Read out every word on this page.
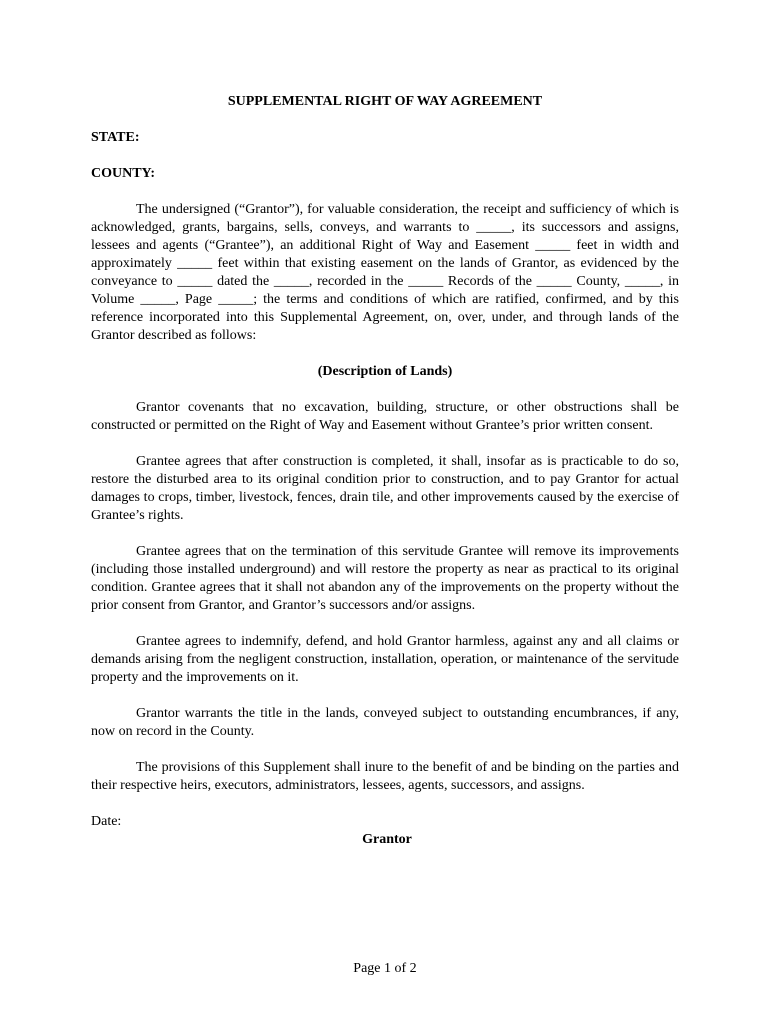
SUPPLEMENTAL RIGHT OF WAY AGREEMENT
STATE:
COUNTY:

The undersigned (“Grantor”), for valuable consideration, the receipt and sufficiency of which is acknowledged, grants, bargains, sells, conveys, and warrants to _____, its successors and assigns, lessees and agents (“Grantee”), an additional Right of Way and Easement _____ feet in width and approximately _____ feet within that existing easement on the lands of Grantor, as evidenced by the conveyance to _____ dated the _____, recorded in the _____ Records of the _____ County, _____, in Volume _____, Page _____; the terms and conditions of which are ratified, confirmed, and by this reference incorporated into this Supplemental Agreement, on, over, under, and through lands of the Grantor described as follows:

(Description of Lands)

Grantor covenants that no excavation, building, structure, or other obstructions shall be constructed or permitted on the Right of Way and Easement without Grantee’s prior written consent.

Grantee agrees that after construction is completed, it shall, insofar as is practicable to do so, restore the disturbed area to its original condition prior to construction, and to pay Grantor for actual damages to crops, timber, livestock, fences, drain tile, and other improvements caused by the exercise of Grantee’s rights.

Grantee agrees that on the termination of this servitude Grantee will remove its improvements (including those installed underground) and will restore the property as near as practical to its original condition. Grantee agrees that it shall not abandon any of the improvements on the property without the prior consent from Grantor, and Grantor’s successors and/or assigns.

Grantee agrees to indemnify, defend, and hold Grantor harmless, against any and all claims or demands arising from the negligent construction, installation, operation, or maintenance of the servitude property and the improvements on it.

Grantor warrants the title in the lands, conveyed subject to outstanding encumbrances, if any, now on record in the County.

The provisions of this Supplement shall inure to the benefit of and be binding on the parties and their respective heirs, executors, administrators, lessees, agents, successors, and assigns.

Date:
Grantor
Page 1 of 2
